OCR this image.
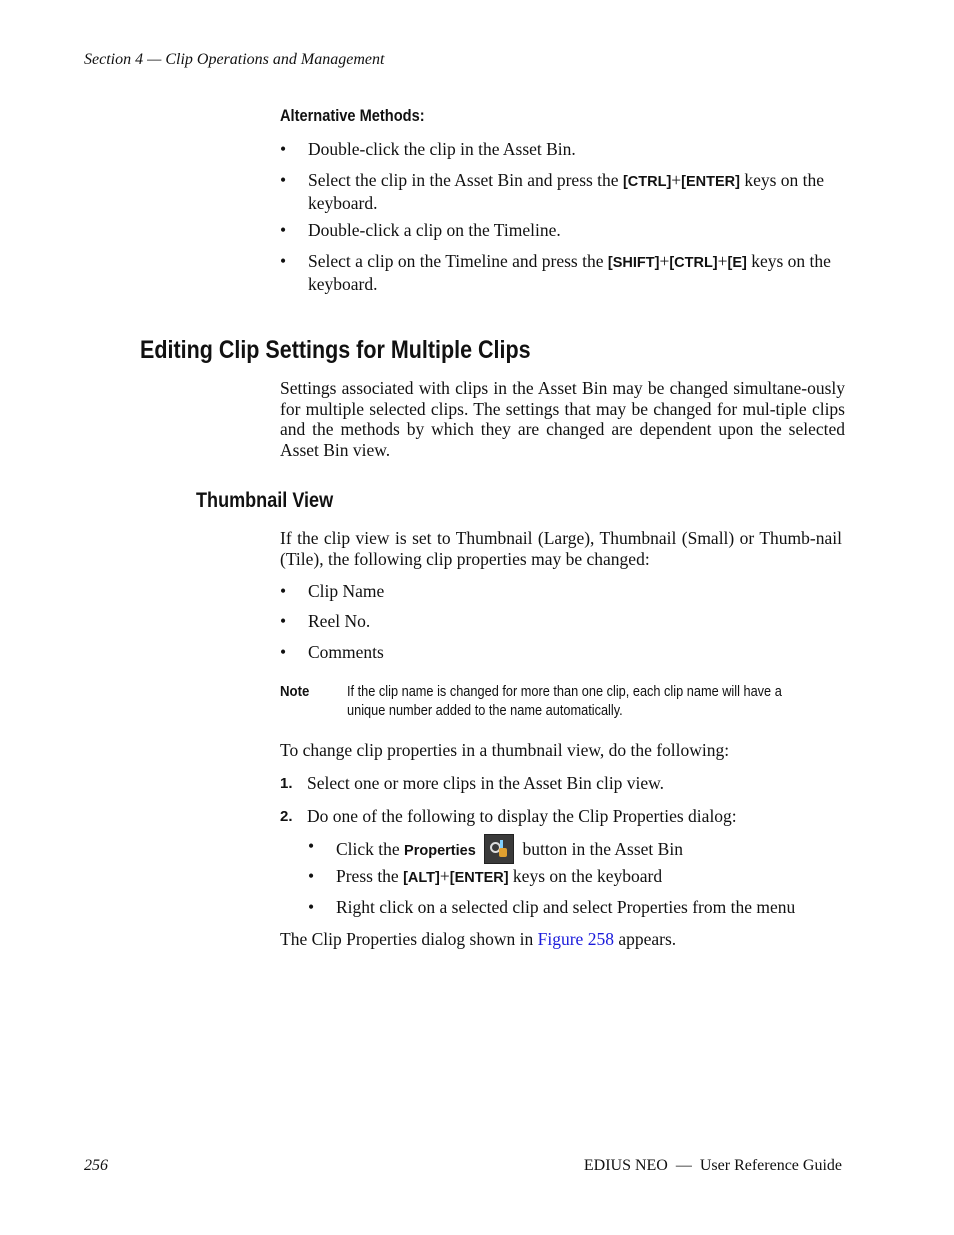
Section 4 — Clip Operations and Management
Alternative Methods:
• Double-click the clip in the Asset Bin.
• Select the clip in the Asset Bin and press the [CTRL]+[ENTER] keys on the keyboard.
• Double-click a clip on the Timeline.
• Select a clip on the Timeline and press the [SHIFT]+[CTRL]+[E] keys on the keyboard.
Editing Clip Settings for Multiple Clips
Settings associated with clips in the Asset Bin may be changed simultane-ously for multiple selected clips. The settings that may be changed for mul-tiple clips and the methods by which they are changed are dependent upon the selected Asset Bin view.
Thumbnail View
If the clip view is set to Thumbnail (Large), Thumbnail (Small) or Thumb-nail (Tile), the following clip properties may be changed:
• Clip Name
• Reel No.
• Comments
Note	If the clip name is changed for more than one clip, each clip name will have a unique number added to the name automatically.
To change clip properties in a thumbnail view, do the following:
1. Select one or more clips in the Asset Bin clip view.
2. Do one of the following to display the Clip Properties dialog:
• Click the Properties
button in the Asset Bin
• Press the [ALT]+[ENTER] keys on the keyboard
• Right click on a selected clip and select Properties from the menu
The Clip Properties dialog shown in Figure 258 appears.
256	EDIUS NEO  —  User Reference Guide
